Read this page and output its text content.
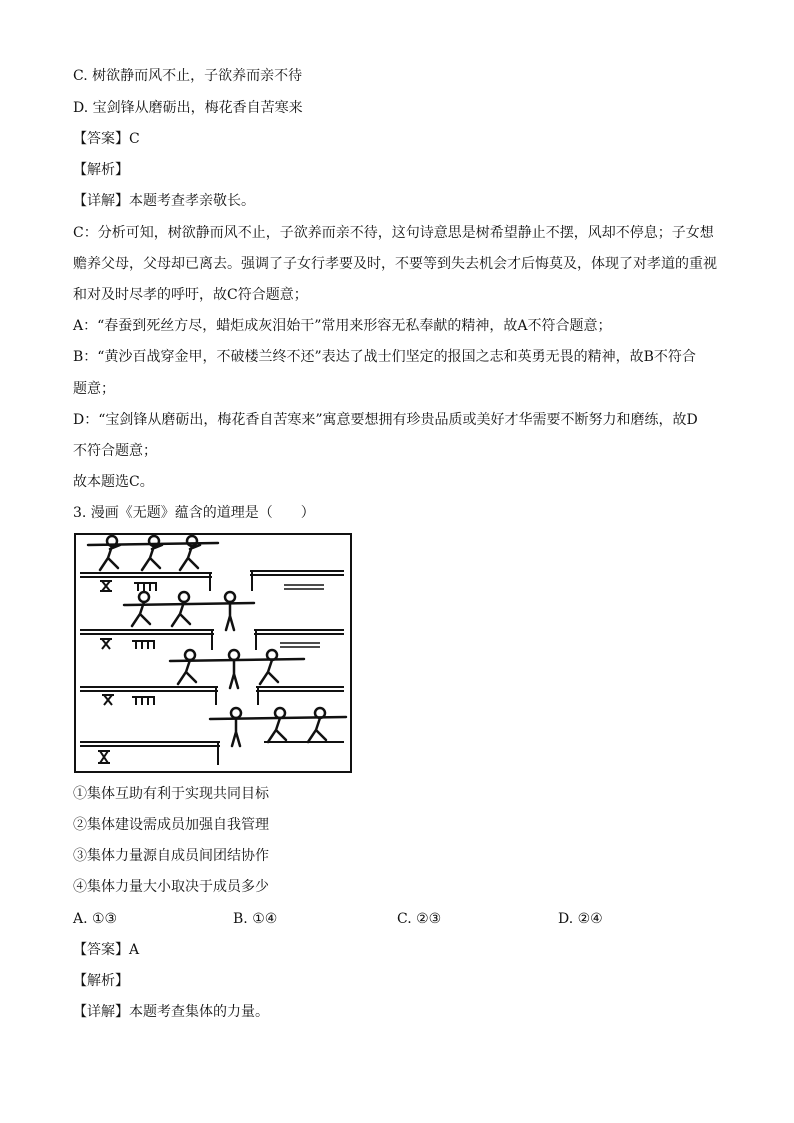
C. 树欲静而风不止，子欲养而亲不待
D. 宝剑锋从磨砺出，梅花香自苦寒来
【答案】C
【解析】
【详解】本题考查孝亲敬长。
C：分析可知，树欲静而风不止，子欲养而亲不待，这句诗意思是树希望静止不摆，风却不停息；子女想
赡养父母，父母却已离去。强调了子女行孝要及时，不要等到失去机会才后悔莫及，体现了对孝道的重视
和对及时尽孝的呼吁，故C符合题意；
A：“春蚕到死丝方尽，蜡炬成灰泪始干”常用来形容无私奉献的精神，故A不符合题意；
B：“黄沙百战穿金甲，不破楼兰终不还”表达了战士们坚定的报国之志和英勇无畏的精神，故B不符合
题意；
D：“宝剑锋从磨砺出，梅花香自苦寒来”寓意要想拥有珍贵品质或美好才华需要不断努力和磨练，故D
不符合题意；
故本题选C。
3. 漫画《无题》蕴含的道理是（　　）
①集体互助有利于实现共同目标
②集体建设需成员加强自我管理
③集体力量源自成员间团结协作
④集体力量大小取决于成员多少
A. ①③	B. ①④	C. ②③	D. ②④
【答案】A
【解析】
【详解】本题考查集体的力量。
